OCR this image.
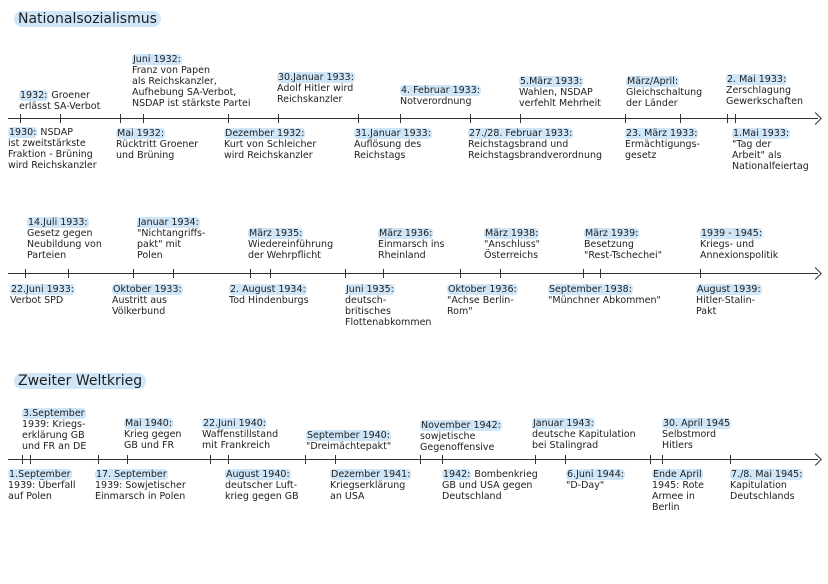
Nationalsozialismus
Zweiter Weltkrieg
1932: Groener
erlässt SA-Verbot
Juni 1932:
Franz von Papen
als Reichskanzler,
Aufhebung SA-Verbot,
NSDAP ist stärkste Partei
30.Januar 1933:
Adolf Hitler wird
Reichskanzler
4. Februar 1933:
Notverordnung
5.März 1933:
Wahlen, NSDAP
verfehlt Mehrheit
März/April:
Gleichschaltung
der Länder
2. Mai 1933:
Zerschlagung
Gewerkschaften
1930: NSDAP
ist zweitstärkste
Fraktion - Brüning
wird Reichskanzler
Mai 1932:
Rücktritt Groener
und Brüning
Dezember 1932:
Kurt von Schleicher
wird Reichskanzler
31.Januar 1933:
Auflösung des
Reichstags
27./28. Februar 1933:
Reichstagsbrand und
Reichstagsbrandverordnung
23. März 1933:
Ermächtigungs-
gesetz
1.Mai 1933:
"Tag der
Arbeit" als
Nationalfeiertag
14.Juli 1933:
Gesetz gegen
Neubildung von
Parteien
Januar 1934:
"Nichtangriffs-
pakt" mit
Polen
März 1935:
Wiedereinführung
der Wehrpflicht
März 1936:
Einmarsch ins
Rheinland
März 1938:
"Anschluss"
Österreichs
März 1939:
Besetzung
"Rest-Tschechei"
1939 - 1945:
Kriegs- und
Annexionspolitik
22.Juni 1933:
Verbot SPD
Oktober 1933:
Austritt aus
Völkerbund
2. August 1934:
Tod Hindenburgs
Juni 1935:
deutsch-
britisches
Flottenabkommen
Oktober 1936:
"Achse Berlin-
Rom"
September 1938:
"Münchner Abkommen"
August 1939:
Hitler-Stalin-
Pakt
3.September
1939: Kriegs-
erklärung GB
und FR an DE
Mai 1940:
Krieg gegen
GB und FR
22.Juni 1940:
Waffenstillstand
mit Frankreich
September 1940:
"Dreimächtepakt"
November 1942:
sowjetische
Gegenoffensive
Januar 1943:
deutsche Kapitulation
bei Stalingrad
30. April 1945
Selbstmord
Hitlers
1.September
1939: Überfall
auf Polen
17. September
1939: Sowjetischer
Einmarsch in Polen
August 1940:
deutscher Luft-
krieg gegen GB
Dezember 1941:
Kriegserklärung
an USA
1942: Bombenkrieg
GB und USA gegen
Deutschland
6.Juni 1944:
"D-Day"
Ende April
1945: Rote
Armee in
Berlin
7./8. Mai 1945:
Kapitulation
Deutschlands
